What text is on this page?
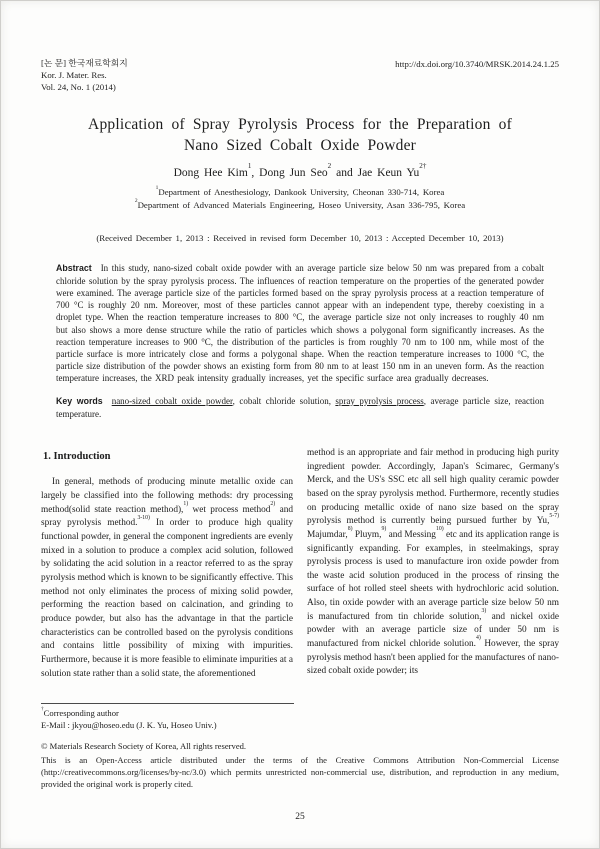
[논 문] 한국재료학회지
Kor. J. Mater. Res.
Vol. 24, No. 1 (2014)
http://dx.doi.org/10.3740/MRSK.2014.24.1.25
Application of Spray Pyrolysis Process for the Preparation of Nano Sized Cobalt Oxide Powder
Dong Hee Kim$^1$, Dong Jun Seo$^2$ and Jae Keun $Yu^{2\dagger}$
$^1$Department of Anesthesiology, Dankook University, Cheonan 330-714, Korea
$^2$Department of Advanced Materials Engineering, Hoseo University, Asan 336-795, Korea
(Received December 1, 2013 : Received in revised form December 10, 2013 : Accepted December 10, 2013)
Abstract In this study, nano-sized cobalt oxide powder with an average particle size below 50 nm was prepared from a cobalt chloride solution by the spray pyrolysis process. The influences of reaction temperature on the properties of the generated powder were examined. The average particle size of the particles formed based on the spray pyrolysis process at a reaction temperature of 700 °C is roughly 20 nm. Moreover, most of these particles cannot appear with an independent type, thereby coexisting in a droplet type. When the reaction temperature increases to 800 °C, the average particle size not only increases to roughly 40 nm but also shows a more dense structure while the ratio of particles which shows a polygonal form significantly increases. As the reaction temperature increases to 900 °C, the distribution of the particles is from roughly 70 nm to 100 nm, while most of the particle surface is more intricately close and forms a polygonal shape. When the reaction temperature increases to 1000 °C, the particle size distribution of the powder shows an existing form from 80 nm to at least 150 nm in an uneven form. As the reaction temperature increases, the XRD peak intensity gradually increases, yet the specific surface area gradually decreases.
Key words nano-sized cobalt oxide powder, cobalt chloride solution, spray pyrolysis process, average particle size, reaction temperature.
1. Introduction

In general, methods of producing minute metallic oxide can largely be classified into the following methods: dry processing method(solid state reaction method),$^{1)}$ wet process method$^{2)}$ and spray pyrolysis method.$^{3-10)}$ In order to produce high quality functional powder, in general the component ingredients are evenly mixed in a solution to produce a complex acid solution, followed by solidating the acid solution in a reactor referred to as the spray pyrolysis method which is known to be significantly effective. This method not only eliminates the process of mixing solid powder, performing the reaction based on calcination, and grinding to produce powder, but also has the advantage in that the particle characteristics can be controlled based on the pyrolysis conditions and contains little possibility of mixing with impurities. Furthermore, because it is more feasible to eliminate impurities at a solution state rather than a solid state, the aforementioned

method is an appropriate and fair method in producing high purity ingredient powder. Accordingly, Japan's Scimarec, Germany's Merck, and the US's SSC etc all sell high quality ceramic powder based on the spray pyrolysis method. Furthermore, recently studies on producing metallic oxide of nano size based on the spray pyrolysis method is currently being pursued further by Yu,$^{5-7)}$ Majumdar,$^{8)}$ Pluym,$^{9)}$ and Messing$^{10)}$ etc and its application range is significantly expanding. For examples, in steelmakings, spray pyrolysis process is used to manufacture iron oxide powder from the waste acid solution produced in the process of rinsing the surface of hot rolled steel sheets with hydrochloric acid solution. Also, tin oxide powder with an average particle size below 50 nm is manufactured from tin chloride solution,$^{3)}$ and nickel oxide powder with an average particle size of under 50 nm is manufactured from nickel chloride solution.$^{4)}$ However, the spray pyrolysis method hasn't been applied for the manufactures of nano-sized cobalt oxide powder; its

†Corresponding author
E-Mail : jkyou@hoseo.edu (J. K. Yu, Hoseo Univ.)
© Materials Research Society of Korea, All rights reserved.
This is an Open-Access article distributed under the terms of the Creative Commons Attribution Non-Commercial License (http://creativecommons.org/licenses/by-nc/3.0) which permits unrestricted non-commercial use, distribution, and reproduction in any medium, provided the original work is properly cited.
25
